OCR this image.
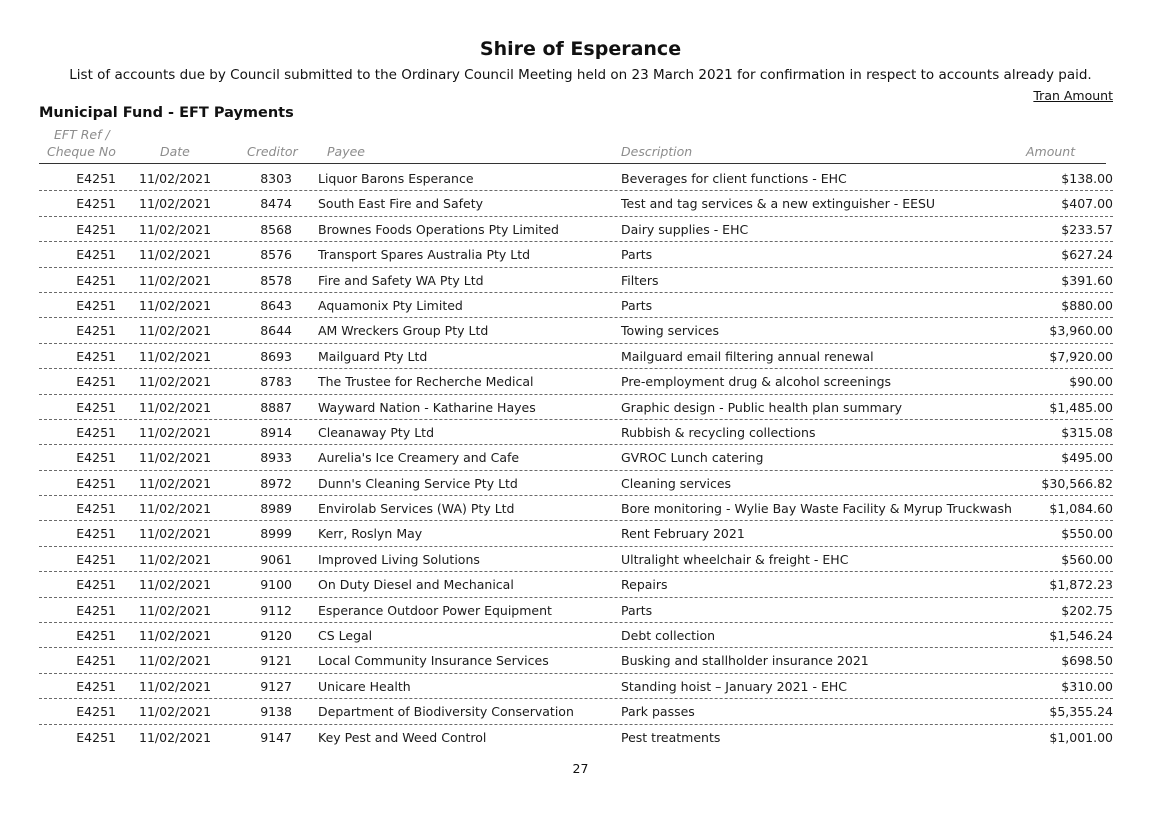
Shire of Esperance
List of accounts due by Council submitted to the Ordinary Council Meeting held on 23 March 2021 for confirmation in respect to accounts already paid.
Tran Amount
Municipal Fund - EFT Payments
EFT Ref /
Cheque No	Date	Creditor Payee	Description	Amount
E4251 11/02/2021	8303 Liquor Barons Esperance	Beverages for client functions - EHC	$138.00
E4251 11/02/2021	8474 South East Fire and Safety	Test and tag services & a new extinguisher - EESU	$407.00
E4251 11/02/2021	8568 Brownes Foods Operations Pty Limited	Dairy supplies - EHC	$233.57
E4251 11/02/2021	8576 Transport Spares Australia Pty Ltd	Parts	$627.24
E4251 11/02/2021	8578 Fire and Safety WA Pty Ltd	Filters	$391.60
E4251 11/02/2021	8643 Aquamonix Pty Limited	Parts	$880.00
E4251 11/02/2021	8644 AM Wreckers Group Pty Ltd	Towing services	$3,960.00
E4251 11/02/2021	8693 Mailguard Pty Ltd	Mailguard email filtering annual renewal	$7,920.00
E4251 11/02/2021	8783 The Trustee for Recherche Medical	Pre-employment drug & alcohol screenings	$90.00
E4251 11/02/2021	8887 Wayward Nation - Katharine Hayes	Graphic design - Public health plan summary	$1,485.00
E4251 11/02/2021	8914 Cleanaway Pty Ltd	Rubbish & recycling collections	$315.08
E4251 11/02/2021	8933 Aurelia's Ice Creamery and Cafe	GVROC Lunch catering	$495.00
E4251 11/02/2021	8972 Dunn's Cleaning Service Pty Ltd	Cleaning services	$30,566.82
E4251 11/02/2021	8989 Envirolab Services (WA) Pty Ltd	Bore monitoring - Wylie Bay Waste Facility & Myrup Truckwash	$1,084.60
E4251 11/02/2021	8999 Kerr, Roslyn May	Rent February 2021	$550.00
E4251 11/02/2021	9061 Improved Living Solutions	Ultralight wheelchair & freight - EHC	$560.00
E4251 11/02/2021	9100 On Duty Diesel and Mechanical	Repairs	$1,872.23
E4251 11/02/2021	9112 Esperance Outdoor Power Equipment	Parts	$202.75
E4251 11/02/2021	9120 CS Legal	Debt collection	$1,546.24
E4251 11/02/2021	9121 Local Community Insurance Services	Busking and stallholder insurance 2021	$698.50
E4251 11/02/2021	9127 Unicare Health	Standing hoist – January 2021 - EHC	$310.00
E4251 11/02/2021	9138 Department of Biodiversity Conservation	Park passes	$5,355.24
E4251 11/02/2021	9147 Key Pest and Weed Control	Pest treatments	$1,001.00
27
